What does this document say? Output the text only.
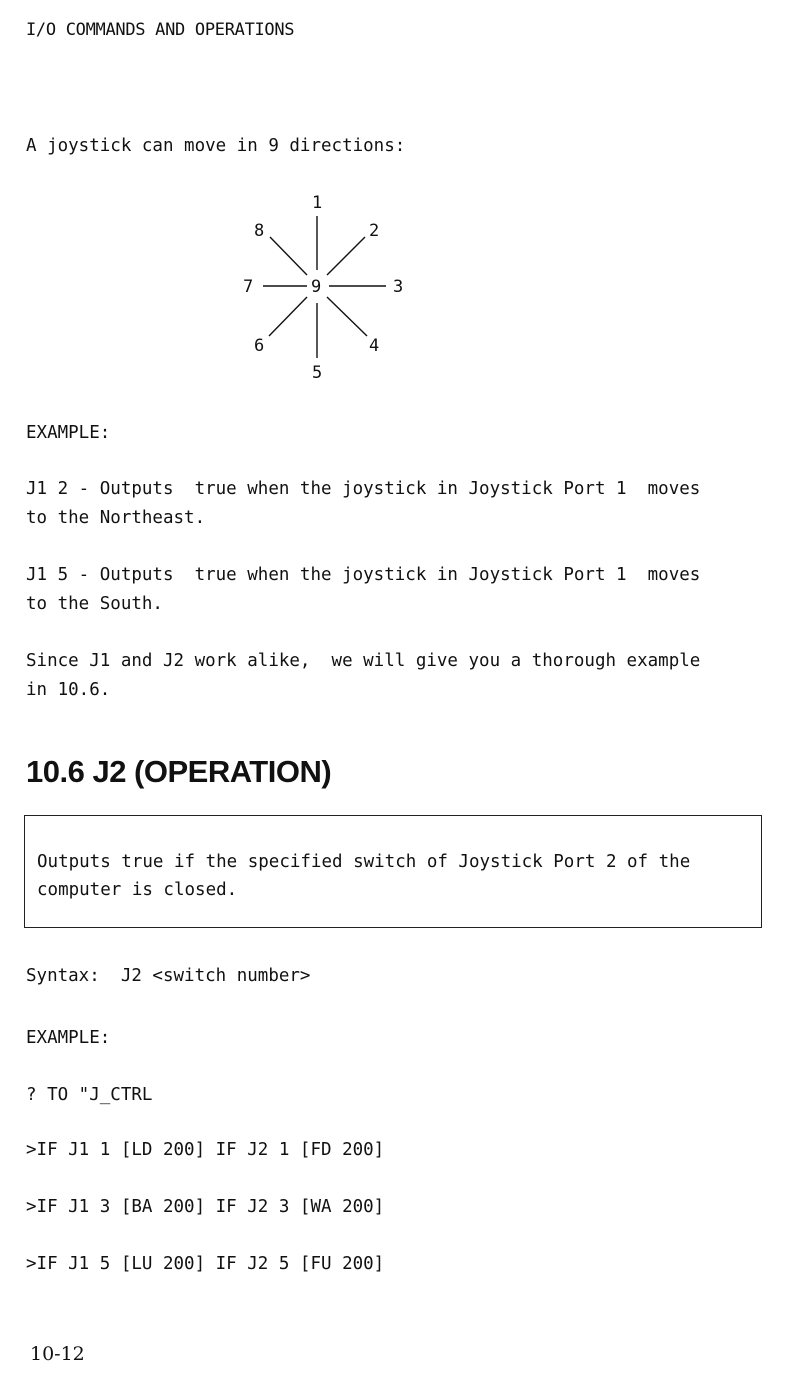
I/O COMMANDS AND OPERATIONS
A joystick can move in 9 directions:
1
2
3
4
5
6
7
8
9
EXAMPLE:
J1 2 - Outputs  true when the joystick in Joystick Port 1  moves
to the Northeast.
J1 5 - Outputs  true when the joystick in Joystick Port 1  moves
to the South.
Since J1 and J2 work alike,  we will give you a thorough example
in 10.6.
10.6 J2 (OPERATION)
Outputs true if the specified switch of Joystick Port 2 of the
computer is closed.
Syntax:  J2 <switch number>
EXAMPLE:
? TO "J_CTRL
>IF J1 1 [LD 200] IF J2 1 [FD 200]
>IF J1 3 [BA 200] IF J2 3 [WA 200]
>IF J1 5 [LU 200] IF J2 5 [FU 200]
10-12
